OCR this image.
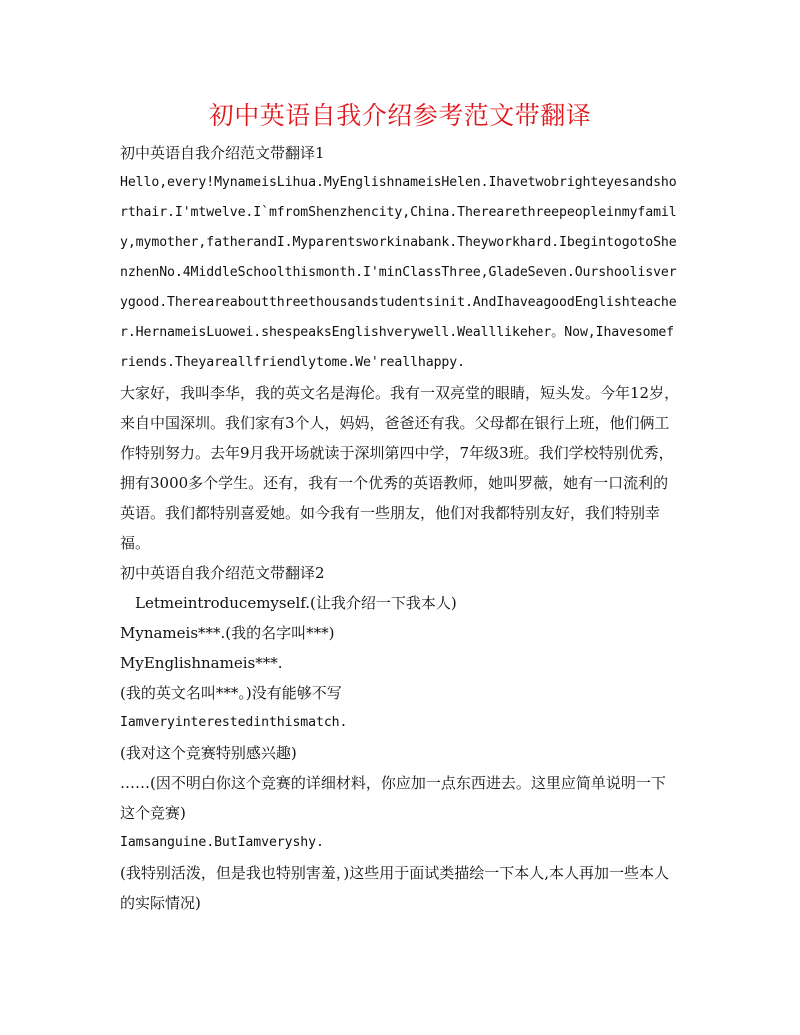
初中英语自我介绍参考范文带翻译

初中英语自我介绍范文带翻译1

Hello,every!MynameisLihua.MyEnglishnameisHelen.Ihavetwobrighteyesandshorthair.I'mtwelve.I`mfromShenzhencity,China.Therearethreepeopleinmyfamily,mymother,fatherandI.Myparentsworkinabank.Theyworkhard.IbegintogotoShenzhenNo.4MiddleSchoolthismonth.I'minClassThree,GladeSeven.Ourshoolisverygood.Thereareaboutthreethousandstudentsinit.AndIhaveagoodEnglishteacher.HernameisLuowei.shespeaksEnglishverywell.Wealllikeher。Now,Ihavesomefriends.Theyareallfriendlytome.We'reallhappy.

大家好，我叫李华，我的英文名是海伦。我有一双亮堂的眼睛，短头发。今年12岁，来自中国深圳。我们家有3个人，妈妈，爸爸还有我。父母都在银行上班，他们俩工作特别努力。去年9月我开场就读于深圳第四中学，7年级3班。我们学校特别优秀，拥有3000多个学生。还有，我有一个优秀的英语教师，她叫罗薇，她有一口流利的英语。我们都特别喜爱她。如今我有一些朋友，他们对我都特别友好，我们特别幸福。

初中英语自我介绍范文带翻译2

Letmeintroducemyself.(让我介绍一下我本人)

Mynameis***.(我的名字叫***)

MyEnglishnameis***.

(我的英文名叫***。)没有能够不写

Iamveryinterestedinthismatch.

(我对这个竞赛特别感兴趣)

……(因不明白你这个竞赛的详细材料，你应加一点东西进去。这里应简单说明一下这个竞赛)

Iamsanguine.ButIamveryshy.

(我特别活泼，但是我也特别害羞，)这些用于面试类描绘一下本人,本人再加一些本人的实际情况)
